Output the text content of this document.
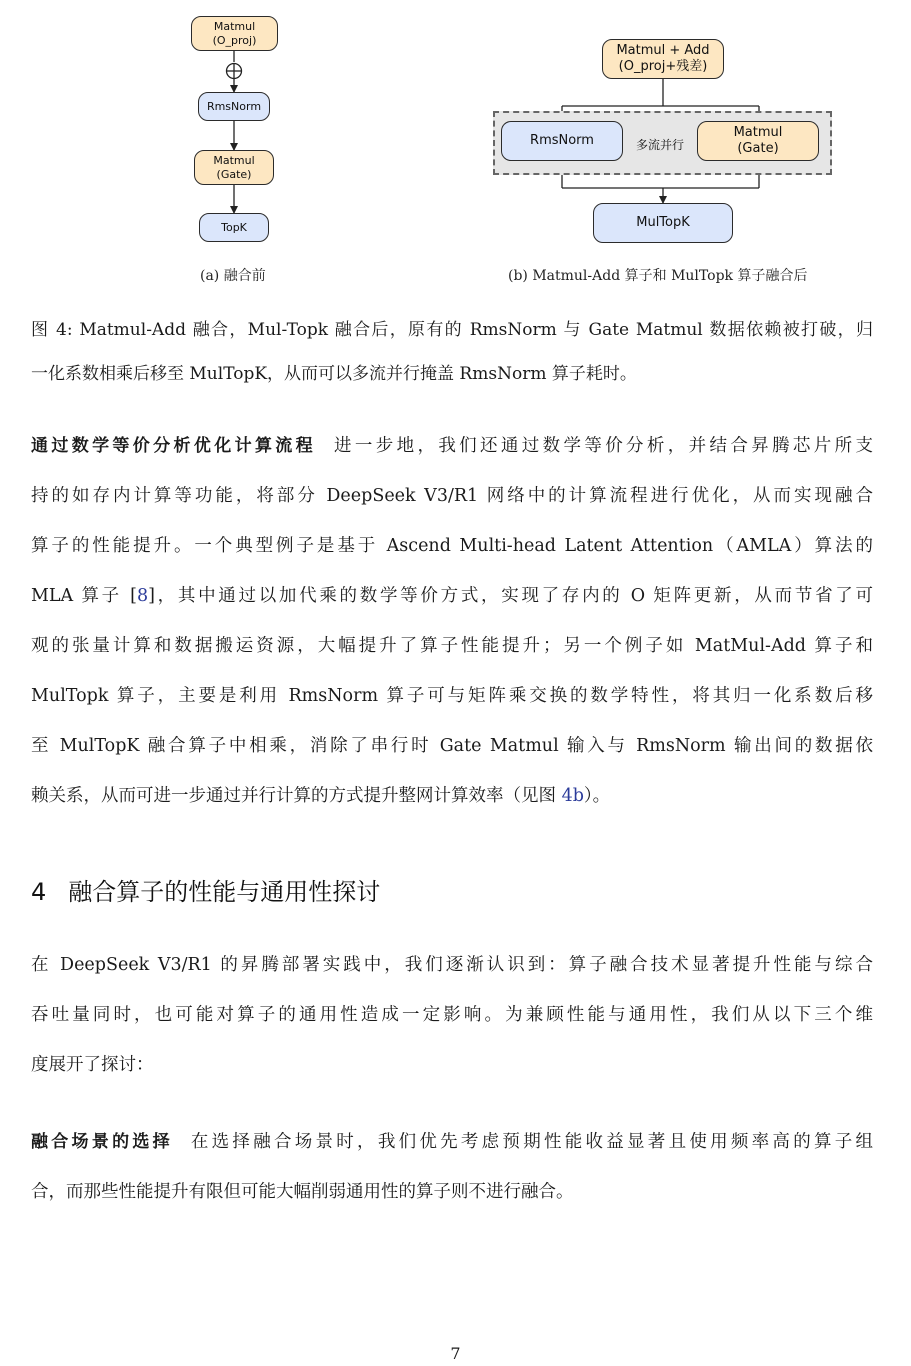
Matmul
(O_proj)
RmsNorm
Matmul
(Gate)
TopK
(a) 融合前
Matmul + Add
(O_proj+残差)
RmsNorm	多流并行
Matmul
(Gate)
MulTopK
(b) Matmul-Add 算子和 MulTopk 算子融合后
图 4: Matmul-Add 融合，Mul-Topk 融合后，原有的 RmsNorm 与 Gate Matmul 数据依赖被打破，归
一化系数相乘后移至 MulTopK，从而可以多流并行掩盖 RmsNorm 算子耗时。
通过数学等价分析优化计算流程 进一步地，我们还通过数学等价分析，并结合昇腾芯片所支
持的如存内计算等功能，将部分 DeepSeek V3/R1 网络中的计算流程进行优化，从而实现融合
算子的性能提升。一个典型例子是基于 Ascend Multi-head Latent Attention（AMLA）算法的
MLA 算子 [8]，其中通过以加代乘的数学等价方式，实现了存内的 O 矩阵更新，从而节省了可
观的张量计算和数据搬运资源，大幅提升了算子性能提升；另一个例子如 MatMul-Add 算子和
MulTopk 算子，主要是利用 RmsNorm 算子可与矩阵乘交换的数学特性，将其归一化系数后移
至 MulTopK 融合算子中相乘，消除了串行时 Gate Matmul 输入与 RmsNorm 输出间的数据依
赖关系，从而可进一步通过并行计算的方式提升整网计算效率（见图 4b）。
4 融合算子的性能与通用性探讨
在 DeepSeek V3/R1 的昇腾部署实践中，我们逐渐认识到：算子融合技术显著提升性能与综合
吞吐量同时，也可能对算子的通用性造成一定影响。为兼顾性能与通用性，我们从以下三个维
度展开了探讨：
融合场景的选择 在选择融合场景时，我们优先考虑预期性能收益显著且使用频率高的算子组
合，而那些性能提升有限但可能大幅削弱通用性的算子则不进行融合。
7
